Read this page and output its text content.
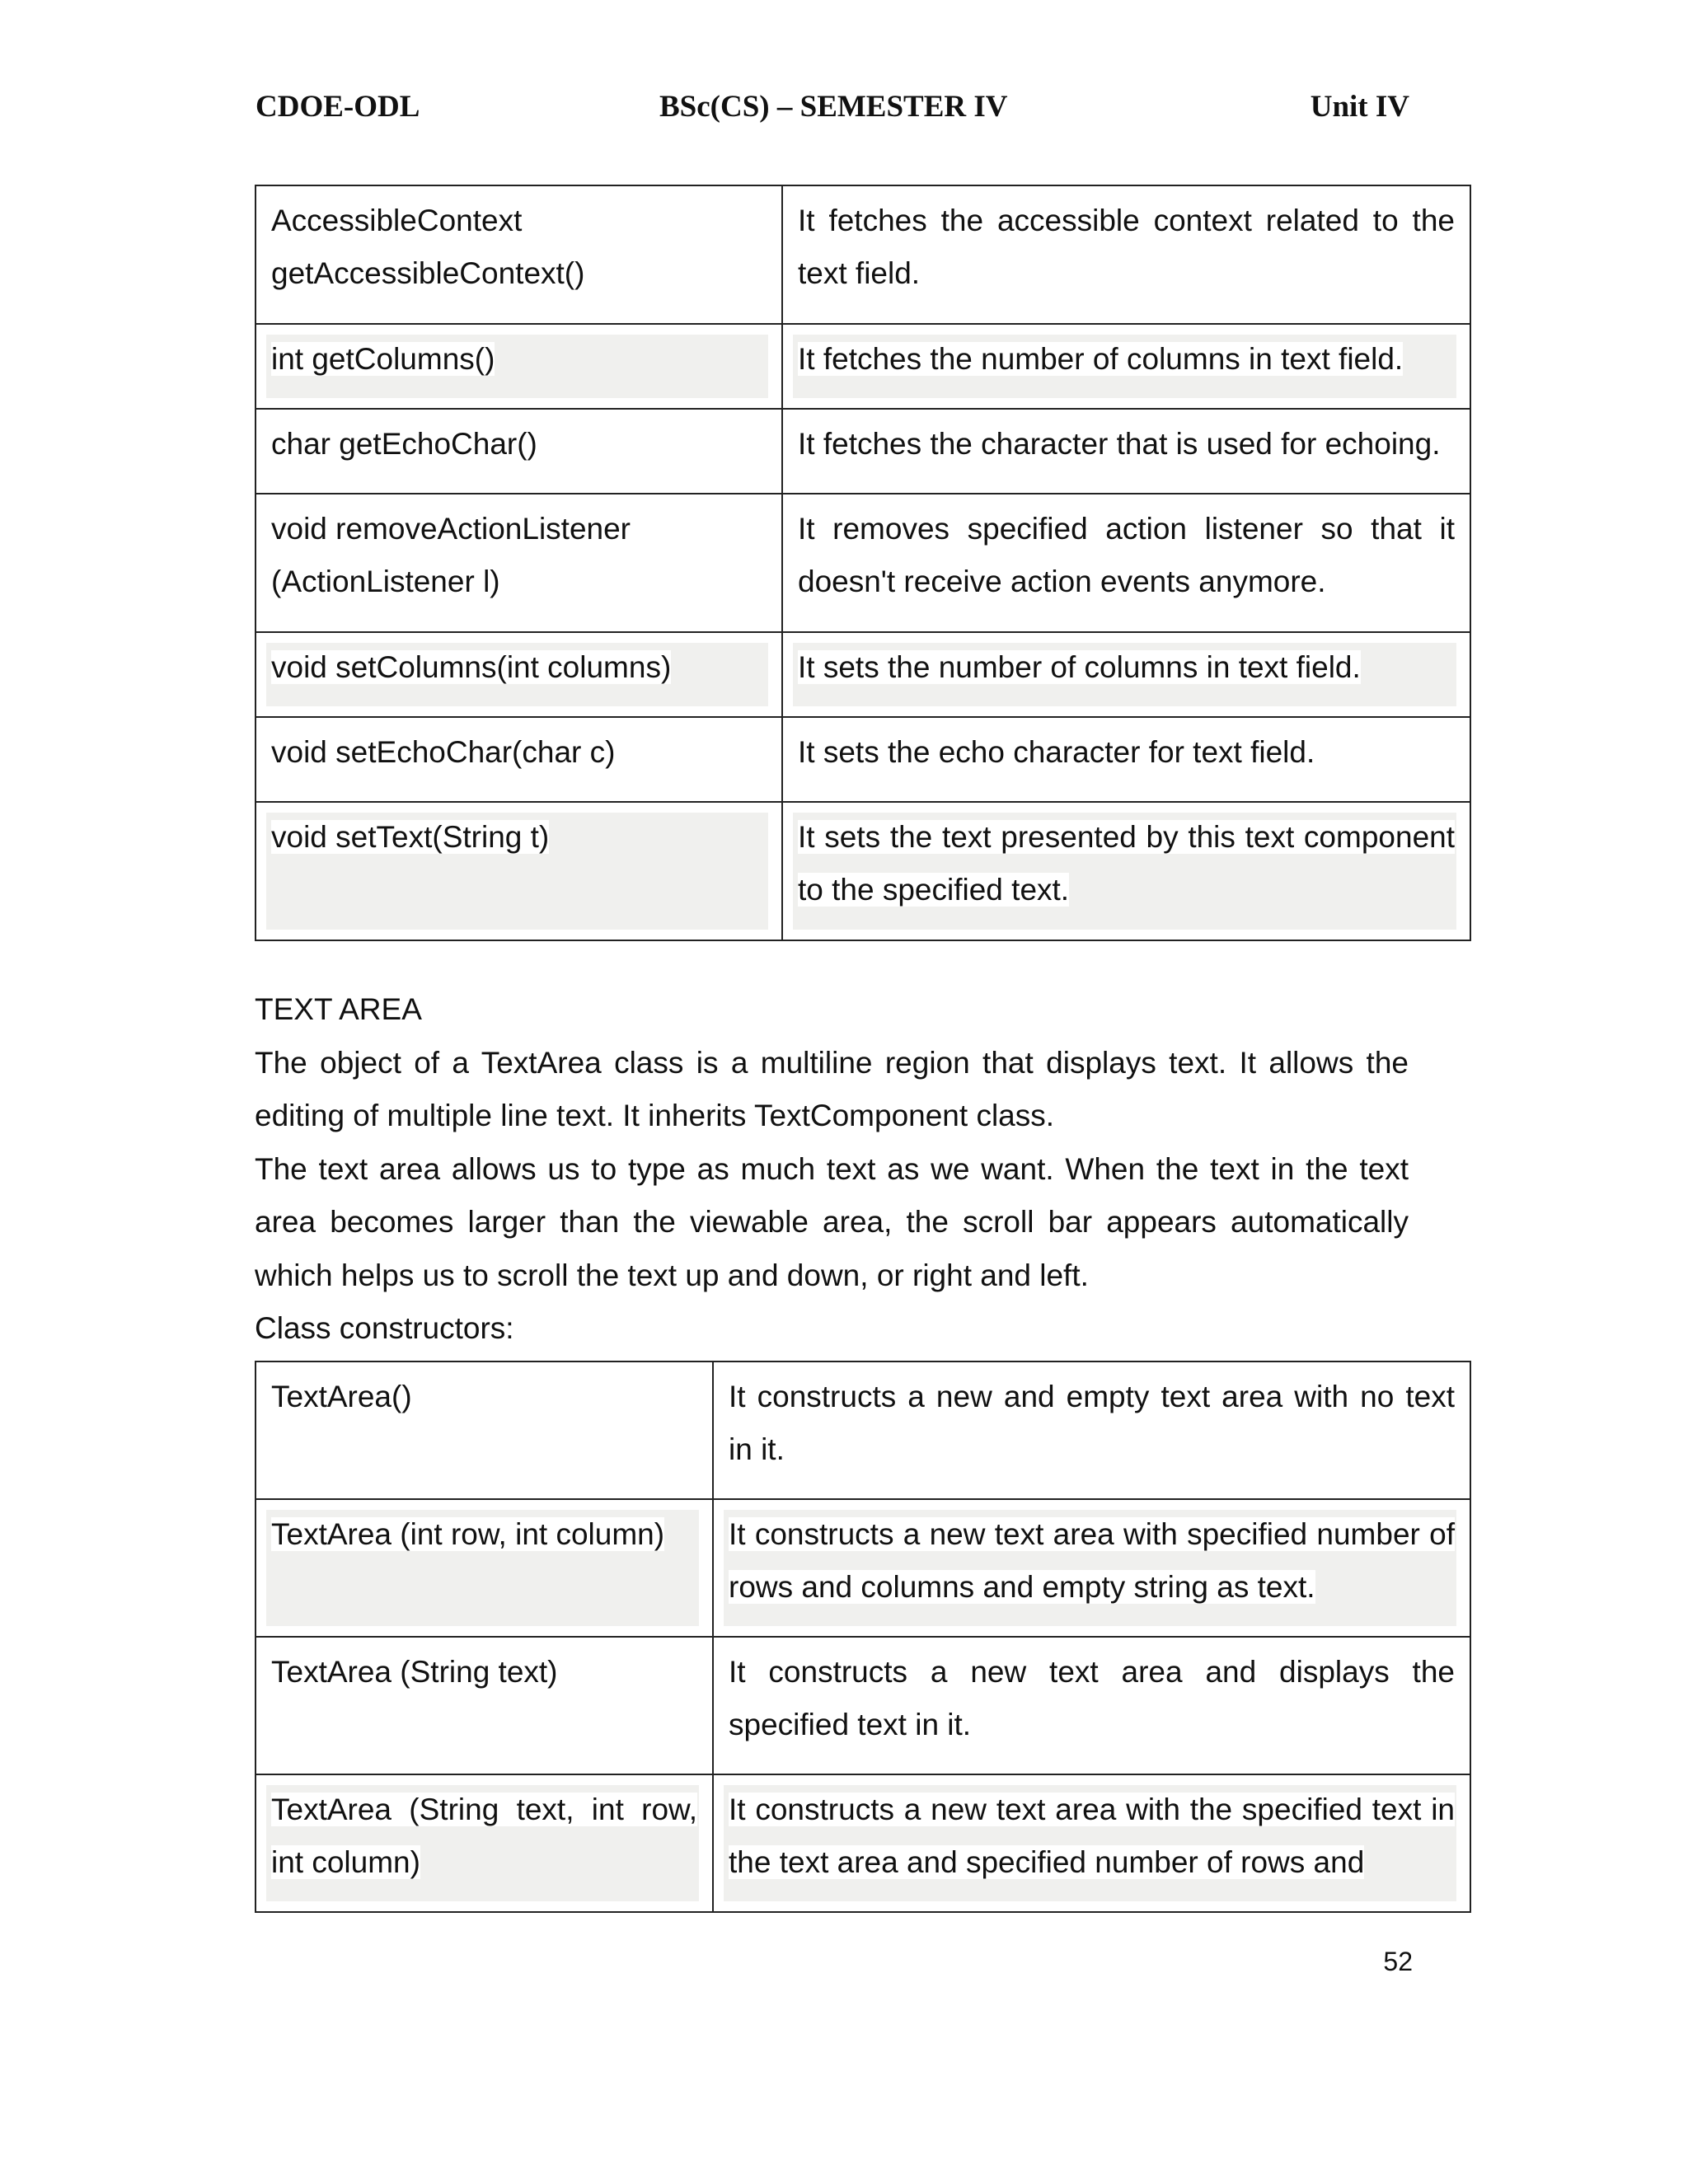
CDOE-ODL	BSc(CS) – SEMESTER IV	Unit IV
AccessibleContext getAccessibleContext()	It fetches the accessible context related to the text field.
int getColumns()	It fetches the number of columns in text field.
char getEchoChar()	It fetches the character that is used for echoing.
void removeActionListener (ActionListener l)	It removes specified action listener so that it doesn't receive action events anymore.
void setColumns(int columns)	It sets the number of columns in text field.
void setEchoChar(char c)	It sets the echo character for text field.
void setText(String t)	It sets the text presented by this text component to the specified text.

TEXT AREA

The object of a TextArea class is a multiline region that displays text. It allows the editing of multiple line text. It inherits TextComponent class.

The text area allows us to type as much text as we want. When the text in the text area becomes larger than the viewable area, the scroll bar appears automatically which helps us to scroll the text up and down, or right and left.

Class constructors:

TextArea()	It constructs a new and empty text area with no text in it.
TextArea (int row, int column)	It constructs a new text area with specified number of rows and columns and empty string as text.
TextArea (String text)	It constructs a new text area and displays the specified text in it.
TextArea (String text, int row, int column)	It constructs a new text area with the specified text in the text area and specified number of rows and
52
